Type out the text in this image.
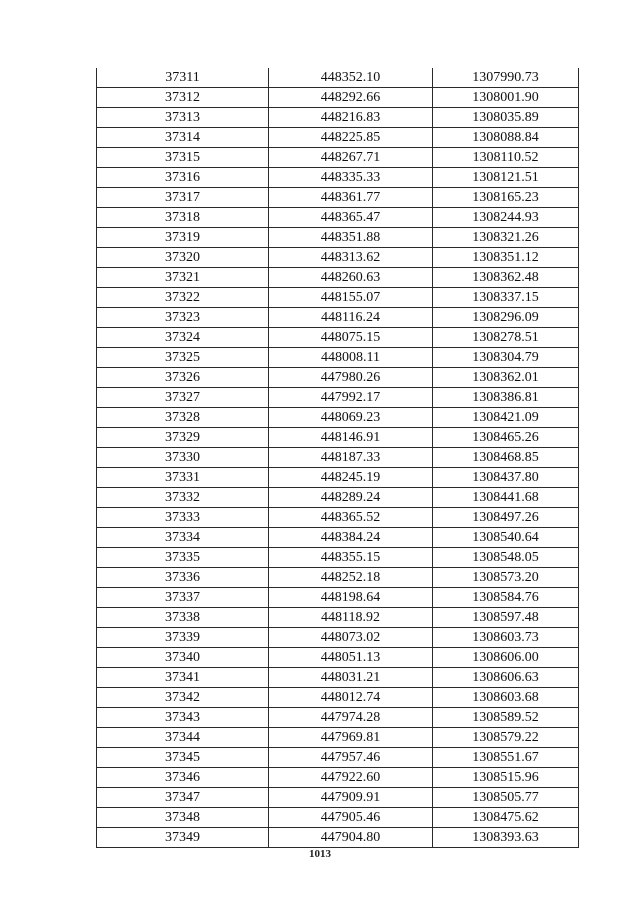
37311	448352.10	1307990.73
37312	448292.66	1308001.90
37313	448216.83	1308035.89
37314	448225.85	1308088.84
37315	448267.71	1308110.52
37316	448335.33	1308121.51
37317	448361.77	1308165.23
37318	448365.47	1308244.93
37319	448351.88	1308321.26
37320	448313.62	1308351.12
37321	448260.63	1308362.48
37322	448155.07	1308337.15
37323	448116.24	1308296.09
37324	448075.15	1308278.51
37325	448008.11	1308304.79
37326	447980.26	1308362.01
37327	447992.17	1308386.81
37328	448069.23	1308421.09
37329	448146.91	1308465.26
37330	448187.33	1308468.85
37331	448245.19	1308437.80
37332	448289.24	1308441.68
37333	448365.52	1308497.26
37334	448384.24	1308540.64
37335	448355.15	1308548.05
37336	448252.18	1308573.20
37337	448198.64	1308584.76
37338	448118.92	1308597.48
37339	448073.02	1308603.73
37340	448051.13	1308606.00
37341	448031.21	1308606.63
37342	448012.74	1308603.68
37343	447974.28	1308589.52
37344	447969.81	1308579.22
37345	447957.46	1308551.67
37346	447922.60	1308515.96
37347	447909.91	1308505.77
37348	447905.46	1308475.62
37349	447904.80	1308393.63
1013
